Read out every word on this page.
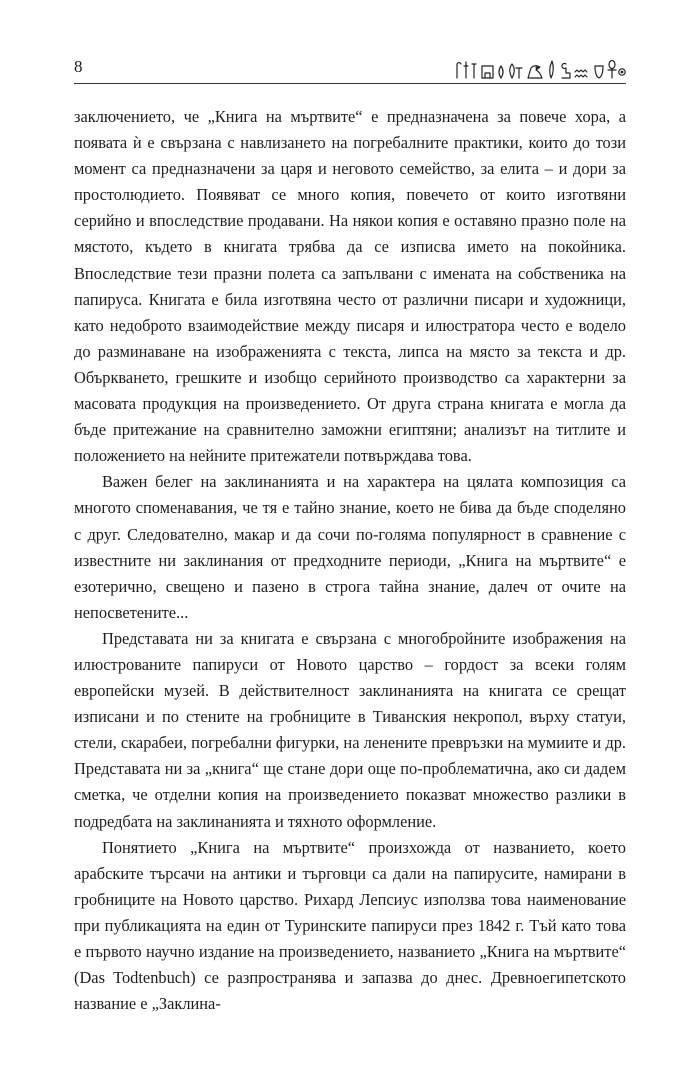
8

заключението, че „Книга на мъртвите“ е предназначена за повече хора, а появата ѝ е свързана с навлизането на погребалните практики, които до този момент са предназначени за царя и неговото семейство, за елита – и дори за простолюдието. Появяват се много копия, повечето от които изготвяни серийно и впоследствие продавани. На някои копия е оставяно празно поле на мястото, където в книгата трябва да се изписва името на покойника. Впоследствие тези празни полета са запълвани с имената на собственика на папируса. Книгата е била изготвяна често от различни писари и художници, като недоброто взаимодействие между писаря и илюстратора често е водело до разминаване на изображенията с текста, липса на място за текста и др. Объркването, грешките и изобщо серийното производство са характерни за масовата продукция на произведението. От друга страна книгата е могла да бъде притежание на сравнително заможни египтяни; анализът на титлите и положението на нейните притежатели потвърждава това.

Важен белег на заклинанията и на характера на цялата композиция са многото споменавания, че тя е тайно знание, което не бива да бъде споделяно с друг. Следователно, макар и да сочи по-голяма популярност в сравнение с известните ни заклинания от предходните периоди, „Книга на мъртвите“ е езотерично, свещено и пазено в строга тайна знание, далеч от очите на непосветените...

Представата ни за книгата е свързана с многобройните изображения на илюстрованите папируси от Новото царство – гордост за всеки голям европейски музей. В действителност заклинанията на книгата се срещат изписани и по стените на гробниците в Тиванския некропол, върху статуи, стели, скарабеи, погребални фигурки, на ленените превръзки на мумиите и др. Представата ни за „книга“ ще стане дори още по-проблематична, ако си дадем сметка, че отделни копия на произведението показват множество разлики в подредбата на заклинанията и тяхното оформление.

Понятието „Книга на мъртвите“ произхожда от названието, което арабските търсачи на антики и търговци са дали на папирусите, намирани в гробниците на Новото царство. Рихард Лепсиус използва това наименование при публикацията на един от Туринските папируси през 1842 г. Тъй като това е първото научно издание на произведението, названието „Книга на мъртвите“ (Das Todtenbuch) се разпространява и запазва до днес. Древноегипетското название е „Заклина-
